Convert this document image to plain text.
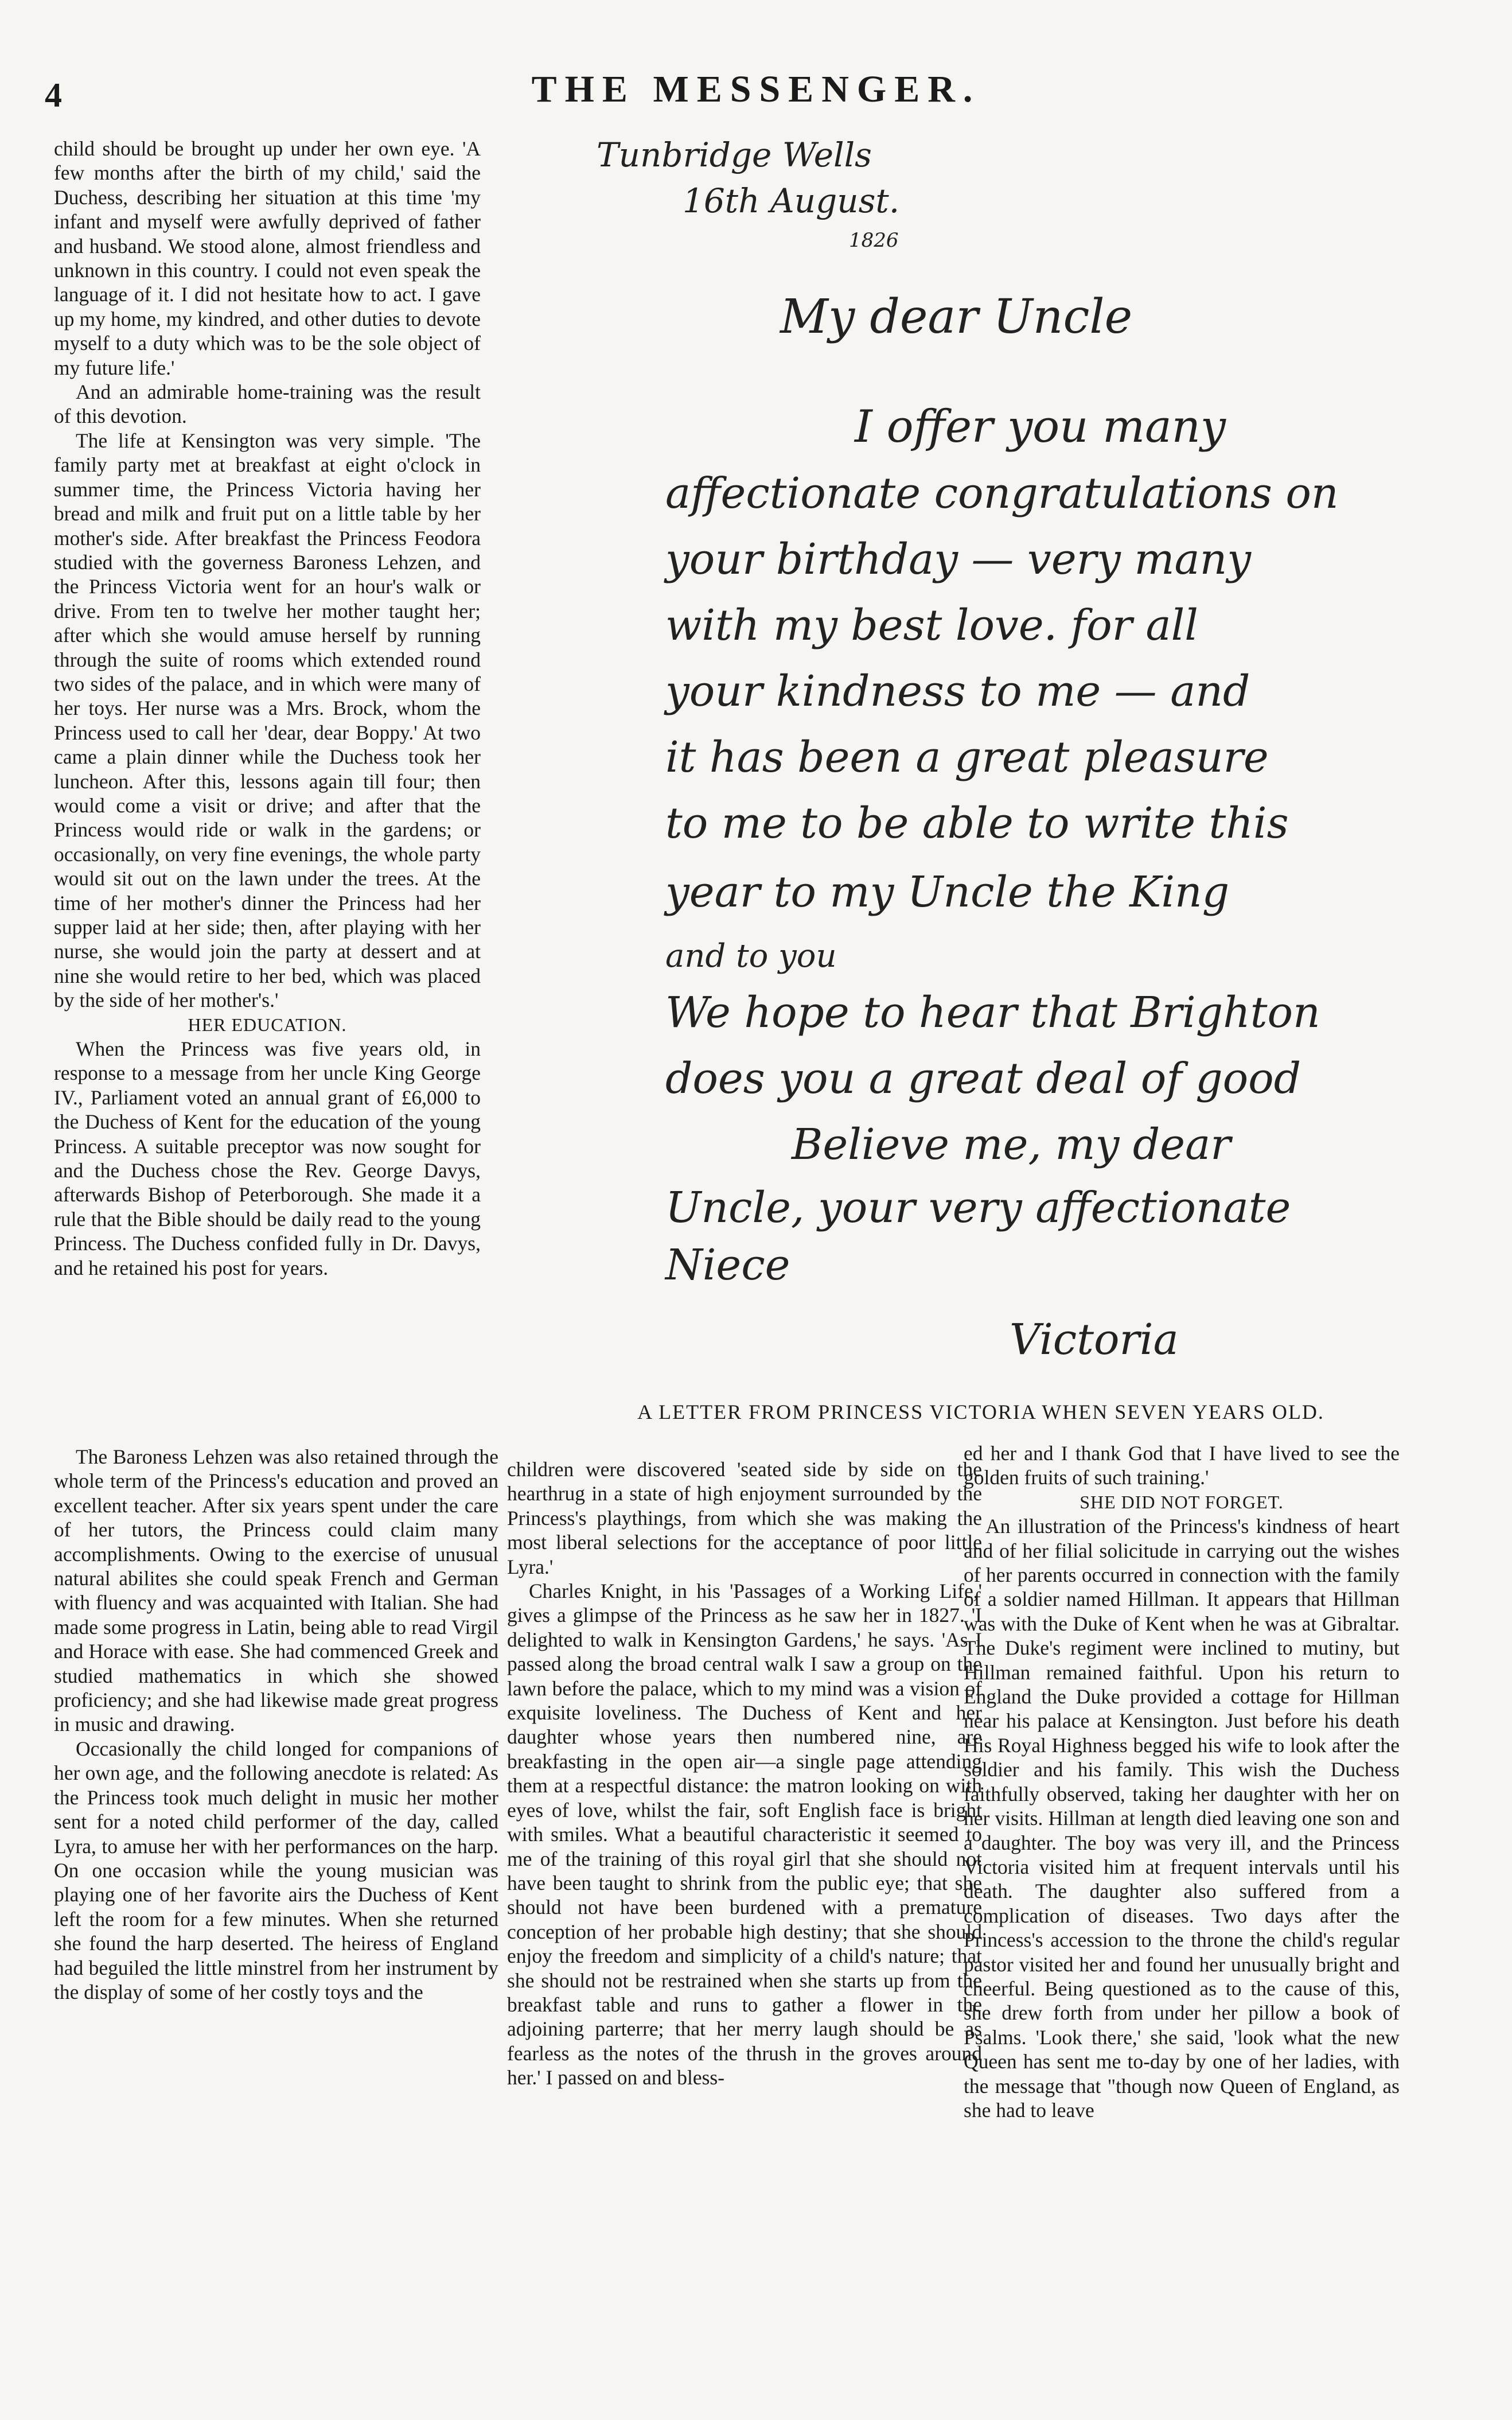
4	THE MESSENGER.

child should be brought up under her own eye. 'A few months after the birth of my child,' said the Duchess, describing her situation at this time 'my infant and myself were awfully deprived of father and husband. We stood alone, almost friendless and unknown in this country. I could not even speak the language of it. I did not hesitate how to act. I gave up my home, my kindred, and other duties to devote myself to a duty which was to be the sole object of my future life.'

And an admirable home-training was the result of this devotion.

The life at Kensington was very simple. 'The family party met at breakfast at eight o'clock in summer time, the Princess Victoria having her bread and milk and fruit put on a little table by her mother's side. After breakfast the Princess Feodora studied with the governess Baroness Lehzen, and the Princess Victoria went for an hour's walk or drive. From ten to twelve her mother taught her; after which she would amuse herself by running through the suite of rooms which extended round two sides of the palace, and in which were many of her toys. Her nurse was a Mrs. Brock, whom the Princess used to call her 'dear, dear Boppy.' At two came a plain dinner while the Duchess took her luncheon. After this, lessons again till four; then would come a visit or drive; and after that the Princess would ride or walk in the gardens; or occasionally, on very fine evenings, the whole party would sit out on the lawn under the trees. At the time of her mother's dinner the Princess had her supper laid at her side; then, after playing with her nurse, she would join the party at dessert and at nine she would retire to her bed, which was placed by the side of her mother's.'

HER EDUCATION.

When the Princess was five years old, in response to a message from her uncle King George IV., Parliament voted an annual grant of £6,000 to the Duchess of Kent for the education of the young Princess. A suitable preceptor was now sought for and the Duchess chose the Rev. George Davys, afterwards Bishop of Peterborough. She made it a rule that the Bible should be daily read to the young Princess. The Duchess confided fully in Dr. Davys, and he retained his post for years.

Tunbridge Wells
16th August.
1826
My dear Uncle
I offer you many
affectionate congratulations on
your birthday — very many
with my best love. for all
your kindness to me — and
it has been a great pleasure
to me to be able to write this
year to my Uncle the King
and to you
We hope to hear that Brighton
does you a great deal of good
Believe me, my dear
Uncle, your very affectionate
Niece
Victoria
A LETTER FROM PRINCESS VICTORIA WHEN SEVEN YEARS OLD.

The Baroness Lehzen was also retained through the whole term of the Princess's education and proved an excellent teacher. After six years spent under the care of her tutors, the Princess could claim many accomplishments. Owing to the exercise of unusual natural abilites she could speak French and German with fluency and was acquainted with Italian. She had made some progress in Latin, being able to read Virgil and Horace with ease. She had commenced Greek and studied mathematics in which she showed proficiency; and she had likewise made great progress in music and drawing.

Occasionally the child longed for companions of her own age, and the following anecdote is related: As the Princess took much delight in music her mother sent for a noted child performer of the day, called Lyra, to amuse her with her performances on the harp. On one occasion while the young musician was playing one of her favorite airs the Duchess of Kent left the room for a few minutes. When she returned she found the harp deserted. The heiress of England had beguiled the little minstrel from her instrument by the display of some of her costly toys and the

children were discovered 'seated side by side on the hearthrug in a state of high enjoyment surrounded by the Princess's playthings, from which she was making the most liberal selections for the acceptance of poor little Lyra.'

Charles Knight, in his 'Passages of a Working Life,' gives a glimpse of the Princess as he saw her in 1827. 'I delighted to walk in Kensington Gardens,' he says. 'As I passed along the broad central walk I saw a group on the lawn before the palace, which to my mind was a vision of exquisite loveliness. The Duchess of Kent and her daughter whose years then numbered nine, are breakfasting in the open air—a single page attending them at a respectful distance: the matron looking on with eyes of love, whilst the fair, soft English face is bright with smiles. What a beautiful characteristic it seemed to me of the training of this royal girl that she should not have been taught to shrink from the public eye; that she should not have been burdened with a premature conception of her probable high destiny; that she should enjoy the freedom and simplicity of a child's nature; that she should not be restrained when she starts up from the breakfast table and runs to gather a flower in the adjoining parterre; that her merry laugh should be as fearless as the notes of the thrush in the groves around her.' I passed on and bless-

ed her and I thank God that I have lived to see the golden fruits of such training.'

SHE DID NOT FORGET.

An illustration of the Princess's kindness of heart and of her filial solicitude in carrying out the wishes of her parents occurred in connection with the family of a soldier named Hillman. It appears that Hillman was with the Duke of Kent when he was at Gibraltar. The Duke's regiment were inclined to mutiny, but Hillman remained faithful. Upon his return to England the Duke provided a cottage for Hillman near his palace at Kensington. Just before his death His Royal Highness begged his wife to look after the soldier and his family. This wish the Duchess faithfully observed, taking her daughter with her on her visits. Hillman at length died leaving one son and a daughter. The boy was very ill, and the Princess Victoria visited him at frequent intervals until his death. The daughter also suffered from a complication of diseases. Two days after the Princess's accession to the throne the child's regular pastor visited her and found her unusually bright and cheerful. Being questioned as to the cause of this, she drew forth from under her pillow a book of Psalms. 'Look there,' she said, 'look what the new Queen has sent me to-day by one of her ladies, with the message that "though now Queen of England, as she had to leave
